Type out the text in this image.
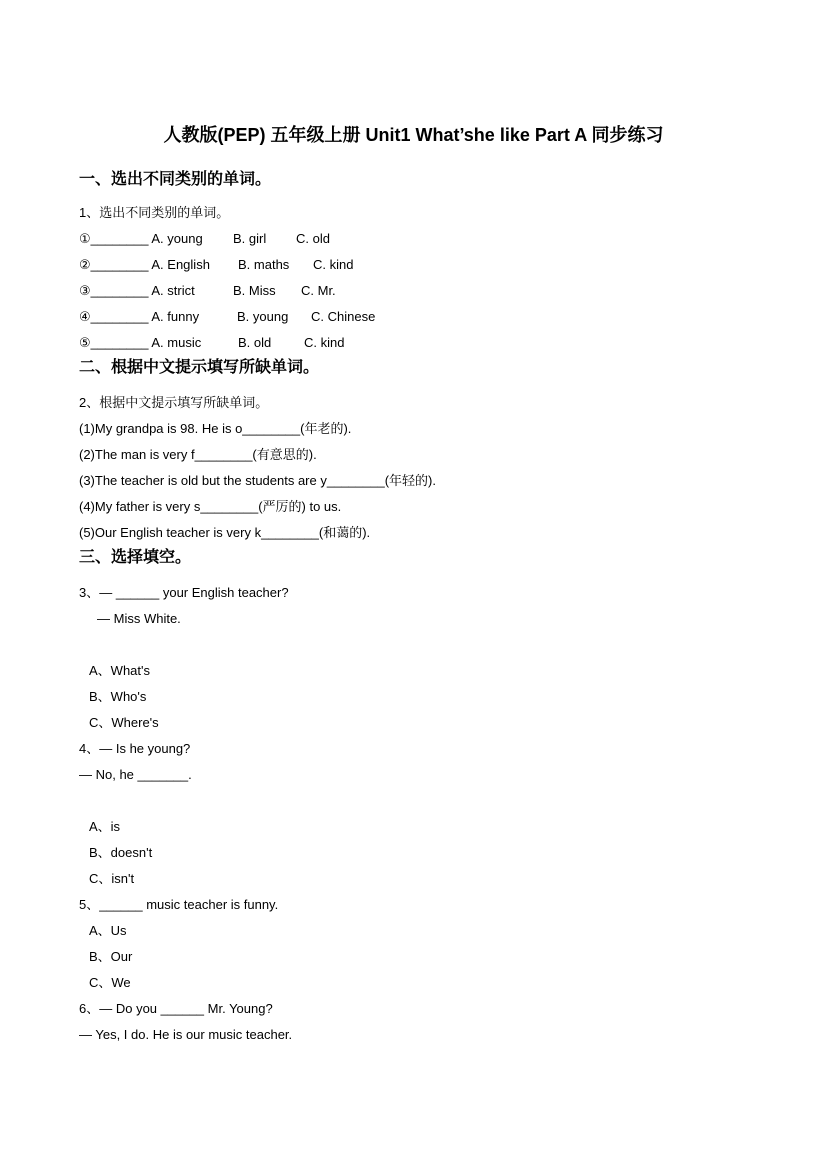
人教版(PEP) 五年级上册 Unit1 What’she like Part A 同步练习
一、选出不同类别的单词。
1、选出不同类别的单词。
①________ A. young B. girl C. old
②________ A. English B. maths C. kind
③________ A. strict	B. Miss C. Mr.
④________ A. funny	B. young C. Chinese
⑤________ A. music	B. old	C. kind
二、根据中文提示填写所缺单词。
2、根据中文提示填写所缺单词。
(1)My grandpa is 98. He is o________(年老的).
(2)The man is very f________(有意思的).
(3)The teacher is old but the students are y________(年轻的).
(4)My father is very s________(严厉的) to us.
(5)Our English teacher is very k________(和蔼的).
三、选择填空。
3、— ______ your English teacher?
— Miss White.
A、What's
B、Who's
C、Where's
4、— Is he young?
— No, he _______.
A、is
B、doesn't
C、isn't
5、______ music teacher is funny.
A、Us
B、Our
C、We
6、— Do you ______ Mr. Young?
— Yes, I do. He is our music teacher.
